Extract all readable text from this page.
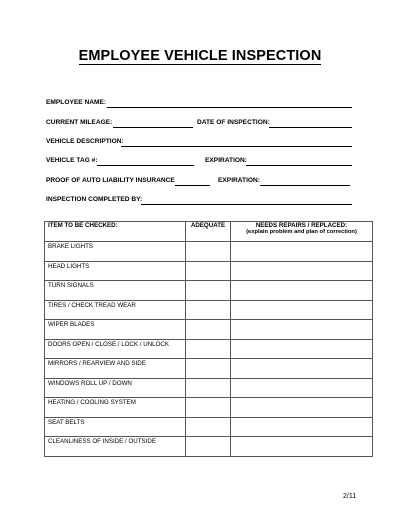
EMPLOYEE VEHICLE INSPECTION
EMPLOYEE NAME:
CURRENT MILEAGE:	DATE OF INSPECTION:
VEHICLE DESCRIPTION:
VEHICLE TAG #:	EXPIRATION:
PROOF OF AUTO LIABILITY INSURANCE	EXPIRATION:
INSPECTION COMPLETED BY:
ITEM TO BE CHECKED:	ADEQUATE	NEEDS REPAIRS / REPLACED:
(explain problem and plan of correction)

BRAKE LIGHTS		
HEAD LIGHTS		
TURN SIGNALS		
TIRES / CHECK TREAD WEAR		
WIPER BLADES		
DOORS OPEN / CLOSE / LOCK / UNLOCK		
MIRRORS / REARVIEW AND SIDE		
WINDOWS ROLL UP / DOWN		
HEATING / COOLING SYSTEM		
SEAT BELTS		
CLEANLINESS OF INSIDE / OUTSIDE		
2/11
